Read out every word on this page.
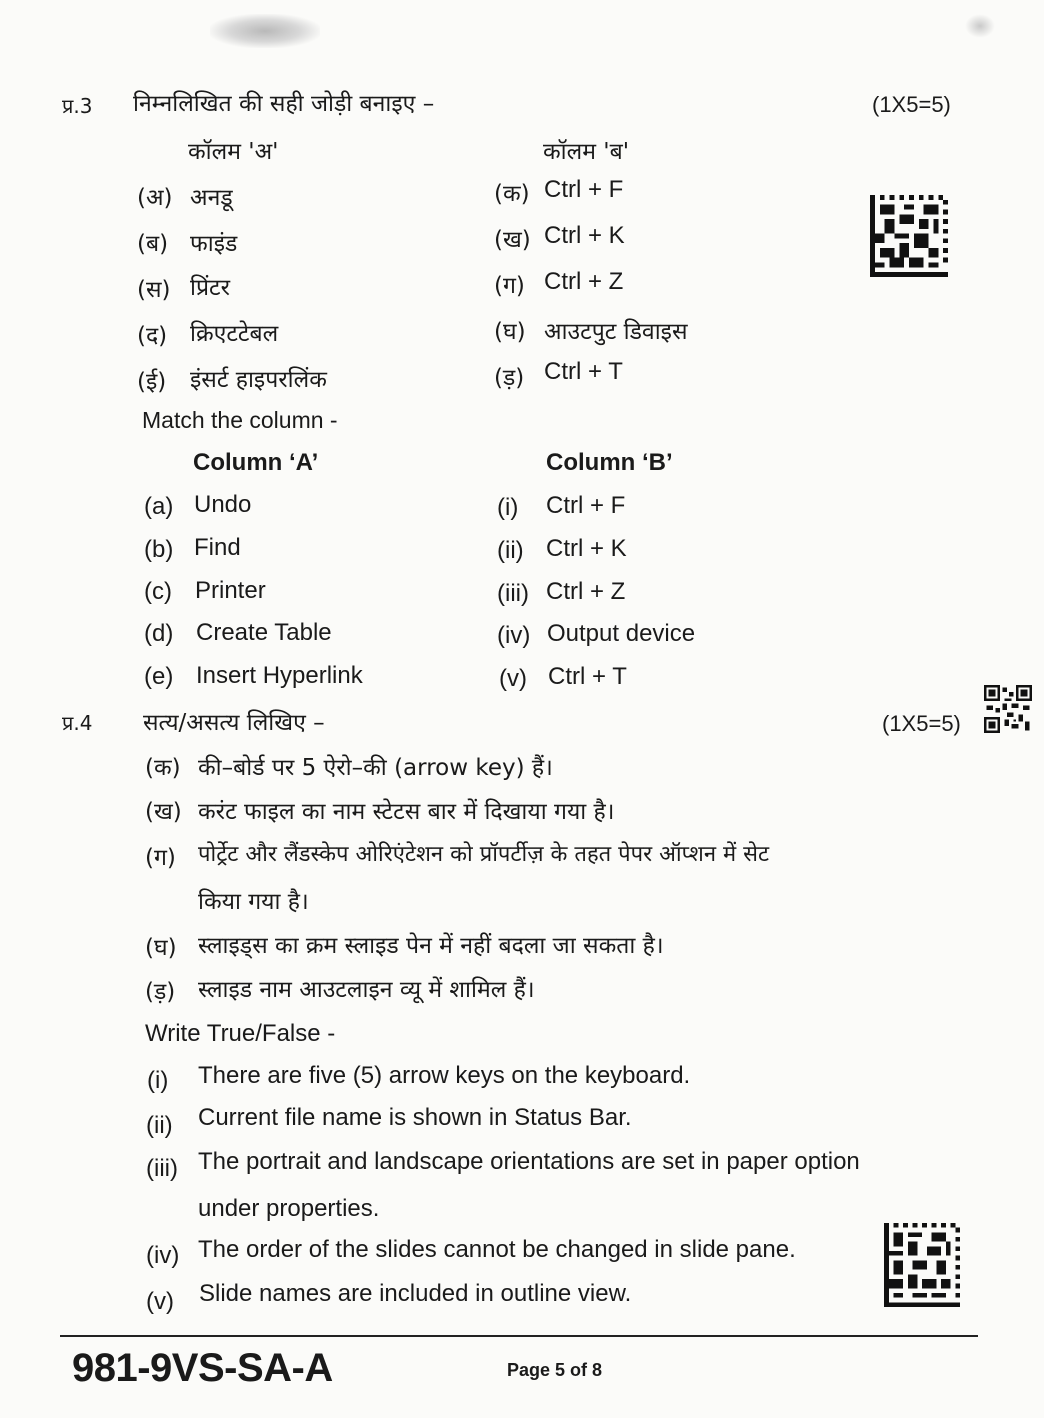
प्र.3 निम्नलिखित की सही जोड़ी बनाइए –	(1X5=5)
कॉलम 'अ'	कॉलम 'ब'
(अ) अनडू	(क) Ctrl + F
(ब) फाइंड	(ख) Ctrl + K
(स) प्रिंटर	(ग) Ctrl + Z
(द) क्रिएटटेबल	(घ) आउटपुट डिवाइस
(ई) इंसर्ट हाइपरलिंक	(ड़) Ctrl + T
Match the column -
Column ‘A’	Column ‘B’
(a) Undo	(i) Ctrl + F
(b) Find	(ii) Ctrl + K
(c) Printer	(iii) Ctrl + Z
(d) Create Table	(iv) Output device
(e) Insert Hyperlink	(v) Ctrl + T
प्र.4 सत्य/असत्य लिखिए –	(1X5=5)
(क) की–बोर्ड पर 5 ऐरो–की (arrow key) हैं।
(ख) करंट फाइल का नाम स्टेटस बार में दिखाया गया है।
(ग) पोर्ट्रेट और लैंडस्केप ओरिएंटेशन को प्रॉपर्टीज़ के तहत पेपर ऑप्शन में सेट
किया गया है।
(घ) स्लाइड्स का क्रम स्लाइड पेन में नहीं बदला जा सकता है।
(ड़) स्लाइड नाम आउटलाइन व्यू में शामिल हैं।
Write True/False -
(i) There are five (5) arrow keys on the keyboard.
(ii) Current file name is shown in Status Bar.
(iii) The portrait and landscape orientations are set in paper option
under properties.
(iv) The order of the slides cannot be changed in slide pane.
(v) Slide names are included in outline view.
981-9VS-SA-A	Page 5 of 8
